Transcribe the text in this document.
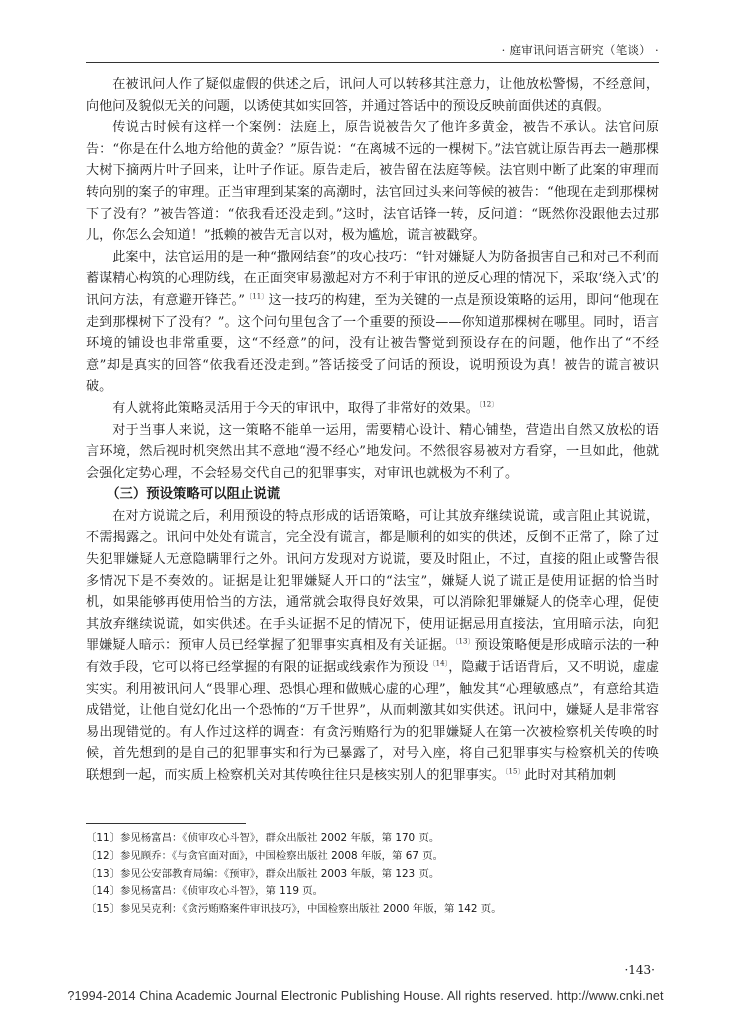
· 庭审讯问语言研究（笔谈） ·

在被讯问人作了疑似虚假的供述之后，讯问人可以转移其注意力，让他放松警惕，不经意间，向他问及貌似无关的问题，以诱使其如实回答，并通过答话中的预设反映前面供述的真假。

传说古时候有这样一个案例：法庭上，原告说被告欠了他许多黄金，被告不承认。法官问原告：“你是在什么地方给他的黄金？”原告说：“在离城不远的一棵树下。”法官就让原告再去一趟那棵大树下摘两片叶子回来，让叶子作证。原告走后，被告留在法庭等候。法官则中断了此案的审理而转向别的案子的审理。正当审理到某案的高潮时，法官回过头来问等候的被告：“他现在走到那棵树下了没有？”被告答道：“依我看还没走到。”这时，法官话锋一转，反问道：“既然你没跟他去过那儿，你怎么会知道！”抵赖的被告无言以对，极为尴尬，谎言被戳穿。

此案中，法官运用的是一种“撒网结套”的攻心技巧：“针对嫌疑人为防备损害自己和对己不利而蓄谋精心构筑的心理防线，在正面突审易激起对方不利于审讯的逆反心理的情况下，采取‘绕入式’的讯问方法，有意避开锋芒。”$^{〔11〕}$这一技巧的构建，至为关键的一点是预设策略的运用，即问“他现在走到那棵树下了没有？”。这个问句里包含了一个重要的预设——你知道那棵树在哪里。同时，语言环境的铺设也非常重要，这“不经意”的问，没有让被告警觉到预设存在的问题，他作出了“不经意”却是真实的回答“依我看还没走到。”答话接受了问话的预设，说明预设为真！被告的谎言被识破。

有人就将此策略灵活用于今天的审讯中，取得了非常好的效果。$^{〔12〕}$

对于当事人来说，这一策略不能单一运用，需要精心设计、精心铺垫，营造出自然又放松的语言环境，然后视时机突然出其不意地“漫不经心”地发问。不然很容易被对方看穿，一旦如此，他就会强化定势心理，不会轻易交代自己的犯罪事实，对审讯也就极为不利了。

（三）预设策略可以阻止说谎

在对方说谎之后，利用预设的特点形成的话语策略，可让其放弃继续说谎，或言阻止其说谎，不需揭露之。讯问中处处有谎言，完全没有谎言，都是顺利的如实的供述，反倒不正常了，除了过失犯罪嫌疑人无意隐瞒罪行之外。讯问方发现对方说谎，要及时阻止，不过，直接的阻止或警告很多情况下是不奏效的。证据是让犯罪嫌疑人开口的“法宝”，嫌疑人说了谎正是使用证据的恰当时机，如果能够再使用恰当的方法，通常就会取得良好效果，可以消除犯罪嫌疑人的侥幸心理，促使其放弃继续说谎，如实供述。在手头证据不足的情况下，使用证据忌用直接法，宜用暗示法，向犯罪嫌疑人暗示：预审人员已经掌握了犯罪事实真相及有关证据。$^{〔13〕}$预设策略便是形成暗示法的一种有效手段，它可以将已经掌握的有限的证据或线索作为预设$^{〔14〕}$，隐藏于话语背后，又不明说，虚虚实实。利用被讯问人“畏罪心理、恐惧心理和做贼心虚的心理”，触发其“心理敏感点”，有意给其造成错觉，让他自觉幻化出一个恐怖的“万千世界”，从而刺激其如实供述。讯问中，嫌疑人是非常容易出现错觉的。有人作过这样的调查：有贪污贿赂行为的犯罪嫌疑人在第一次被检察机关传唤的时候，首先想到的是自己的犯罪事实和行为已暴露了，对号入座，将自己犯罪事实与检察机关的传唤联想到一起，而实质上检察机关对其传唤往往只是核实别人的犯罪事实。$^{〔15〕}$此时对其稍加刺

〔11〕参见杨富昌：《侦审攻心斗智》，群众出版社 2002 年版，第 170 页。

〔12〕参见顾乔：《与贪官面对面》，中国检察出版社 2008 年版，第 67 页。

〔13〕参见公安部教育局编：《预审》，群众出版社 2003 年版，第 123 页。

〔14〕参见杨富昌：《侦审攻心斗智》，第 119 页。

〔15〕参见吴克利：《贪污贿赂案件审讯技巧》，中国检察出版社 2000 年版，第 142 页。

·143·
?1994-2014 China Academic Journal Electronic Publishing House. All rights reserved. http://www.cnki.net
